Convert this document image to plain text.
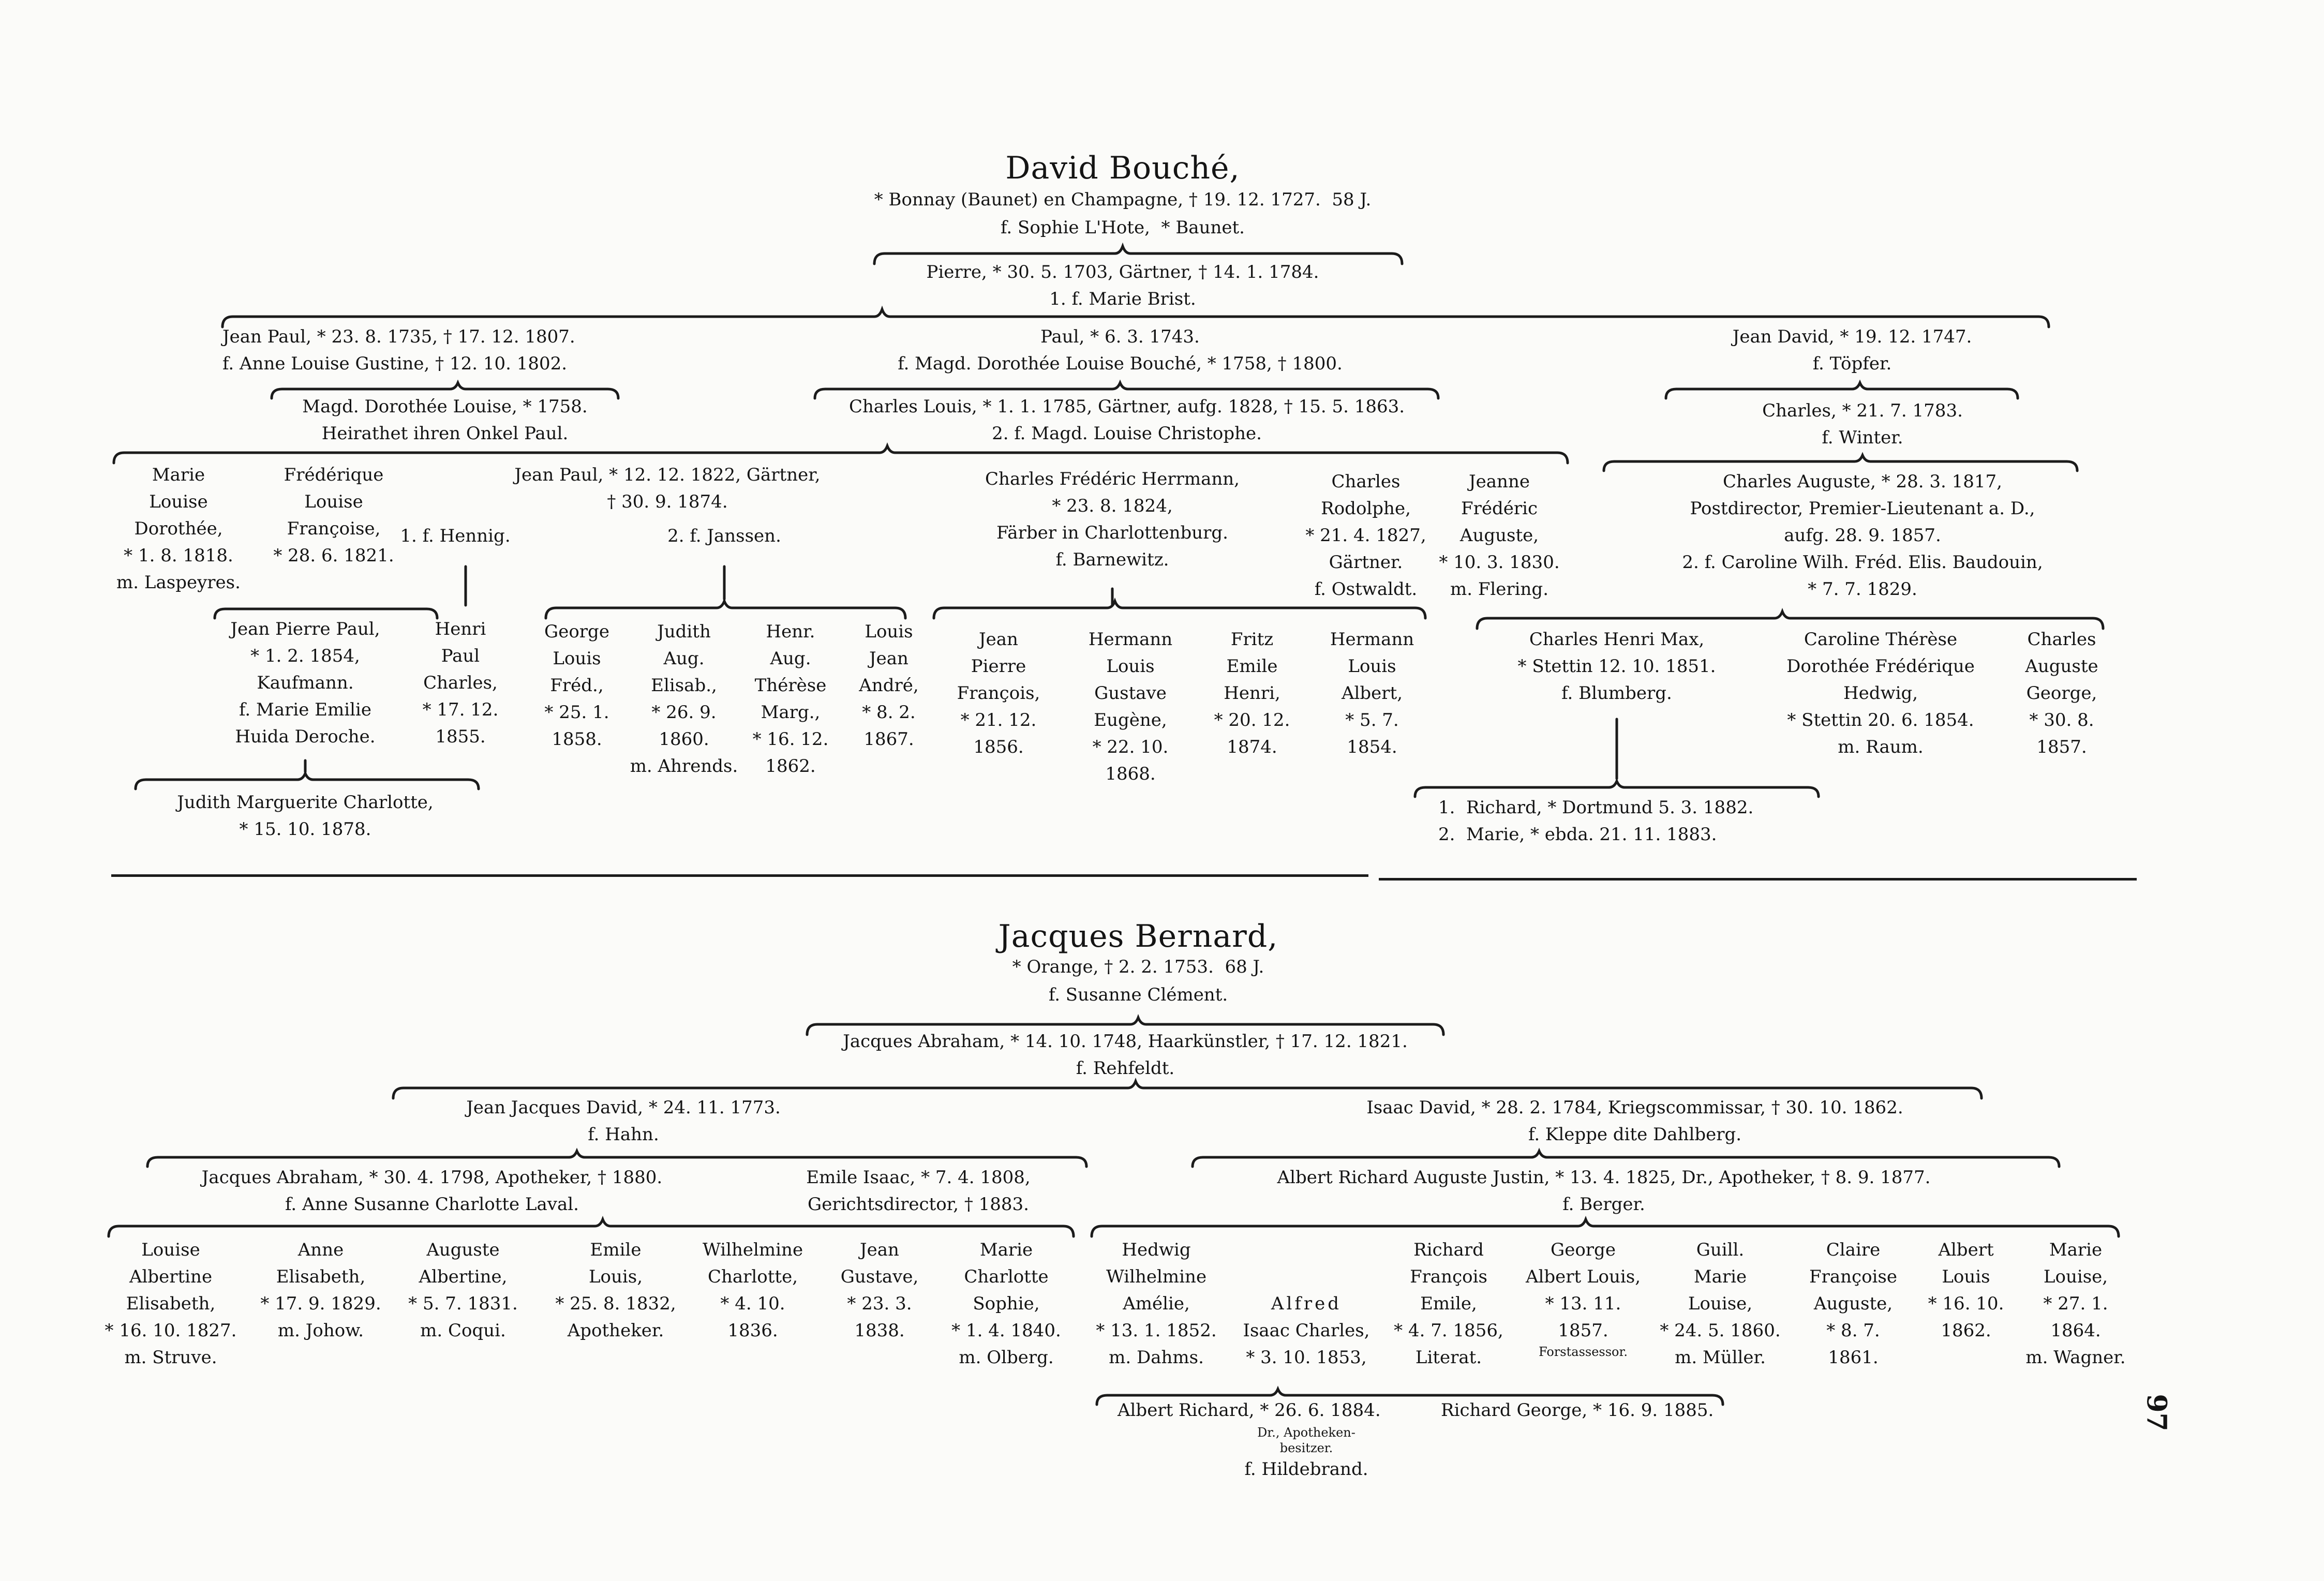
David Bouché,
* Bonnay (Baunet) en Champagne, † 19. 12. 1727.  58 J.
f. Sophie L'Hote,  * Baunet.
Pierre, * 30. 5. 1703, Gärtner, † 14. 1. 1784.
1. f. Marie Brist.
Jean Paul, * 23. 8. 1735, † 17. 12. 1807.
f. Anne Louise Gustine, † 12. 10. 1802.
Paul, * 6. 3. 1743.
f. Magd. Dorothée Louise Bouché, * 1758, † 1800.
Jean David, * 19. 12. 1747.
f. Töpfer.
Magd. Dorothée Louise, * 1758.
Heirathet ihren Onkel Paul.
Charles Louis, * 1. 1. 1785, Gärtner, aufg. 1828, † 15. 5. 1863.
2. f. Magd. Louise Christophe.
Charles, * 21. 7. 1783.
f. Winter.
Marie
Louise
Dorothée,
* 1. 8. 1818.
m. Laspeyres.
Frédérique
Louise
Françoise,
* 28. 6. 1821.
Jean Paul, * 12. 12. 1822, Gärtner,
† 30. 9. 1874.
1. f. Hennig.	2. f. Janssen.
Charles Frédéric Herrmann,
* 23. 8. 1824,
Färber in Charlottenburg.
f. Barnewitz.
Charles
Rodolphe,
* 21. 4. 1827,
Gärtner.
f. Ostwaldt.
Jeanne
Frédéric
Auguste,
* 10. 3. 1830.
m. Flering.
Charles Auguste, * 28. 3. 1817,
Postdirector, Premier-Lieutenant a. D.,
aufg. 28. 9. 1857.
2. f. Caroline Wilh. Fréd. Elis. Baudouin,
* 7. 7. 1829.
Jean Pierre Paul,
* 1. 2. 1854,
Kaufmann.
f. Marie Emilie
Huida Deroche.
Henri
Paul
Charles,
* 17. 12.
1855.
George
Louis
Fréd.,
* 25. 1.
1858.
Judith
Aug.
Elisab.,
* 26. 9.
1860.
m. Ahrends.
Henr.
Aug.
Thérèse
Marg.,
* 16. 12.
1862.
Louis
Jean
André,
* 8. 2.
1867.
Jean
Pierre
François,
* 21. 12.
1856.
Hermann
Louis
Gustave
Eugène,
* 22. 10.
1868.
Fritz
Emile
Henri,
* 20. 12.
1874.
Hermann
Louis
Albert,
* 5. 7.
1854.
Charles Henri Max,
* Stettin 12. 10. 1851.
f. Blumberg.
Caroline Thérèse
Dorothée Frédérique
Hedwig,
* Stettin 20. 6. 1854.
m. Raum.
Charles
Auguste
George,
* 30. 8.
1857.
Judith Marguerite Charlotte,
* 15. 10. 1878.
1.  Richard, * Dortmund 5. 3. 1882.
2.  Marie, * ebda. 21. 11. 1883.
Jacques Bernard,
* Orange, † 2. 2. 1753.  68 J.
f. Susanne Clément.
Jacques Abraham, * 14. 10. 1748, Haarkünstler, † 17. 12. 1821.
f. Rehfeldt.
Jean Jacques David, * 24. 11. 1773.
f. Hahn.
Isaac David, * 28. 2. 1784, Kriegscommissar, † 30. 10. 1862.
f. Kleppe dite Dahlberg.
Jacques Abraham, * 30. 4. 1798, Apotheker, † 1880.
f. Anne Susanne Charlotte Laval.
Emile Isaac, * 7. 4. 1808,
Gerichtsdirector, † 1883.
Albert Richard Auguste Justin, * 13. 4. 1825, Dr., Apotheker, † 8. 9. 1877.
f. Berger.
Louise
Albertine
Elisabeth,
* 16. 10. 1827.
m. Struve.
Anne
Elisabeth,
* 17. 9. 1829.
m. Johow.
Auguste
Albertine,
* 5. 7. 1831.
m. Coqui.
Emile
Louis,
* 25. 8. 1832,
Apotheker.
Wilhelmine
Charlotte,
* 4. 10.
1836.
Jean
Gustave,
* 23. 3.
1838.
Marie
Charlotte
Sophie,
* 1. 4. 1840.
m. Olberg.
Hedwig
Wilhelmine
Amélie,
* 13. 1. 1852.
m. Dahms.

Alfred
Isaac Charles,
* 3. 10. 1853,

Dr., Apotheken-
besitzer.
f. Hildebrand.

Richard
François
Emile,
* 4. 7. 1856,
Literat.
George
Albert Louis,
* 13. 11.
1857.
Forstassessor.
Guill.
Marie
Louise,
* 24. 5. 1860.
m. Müller.
Claire
Françoise
Auguste,
* 8. 7.
1861.
Albert
Louis
* 16. 10.
1862.
Marie
Louise,
* 27. 1.
1864.
m. Wagner.
Albert Richard, * 26. 6. 1884.	Richard George, * 16. 9. 1885.	97
